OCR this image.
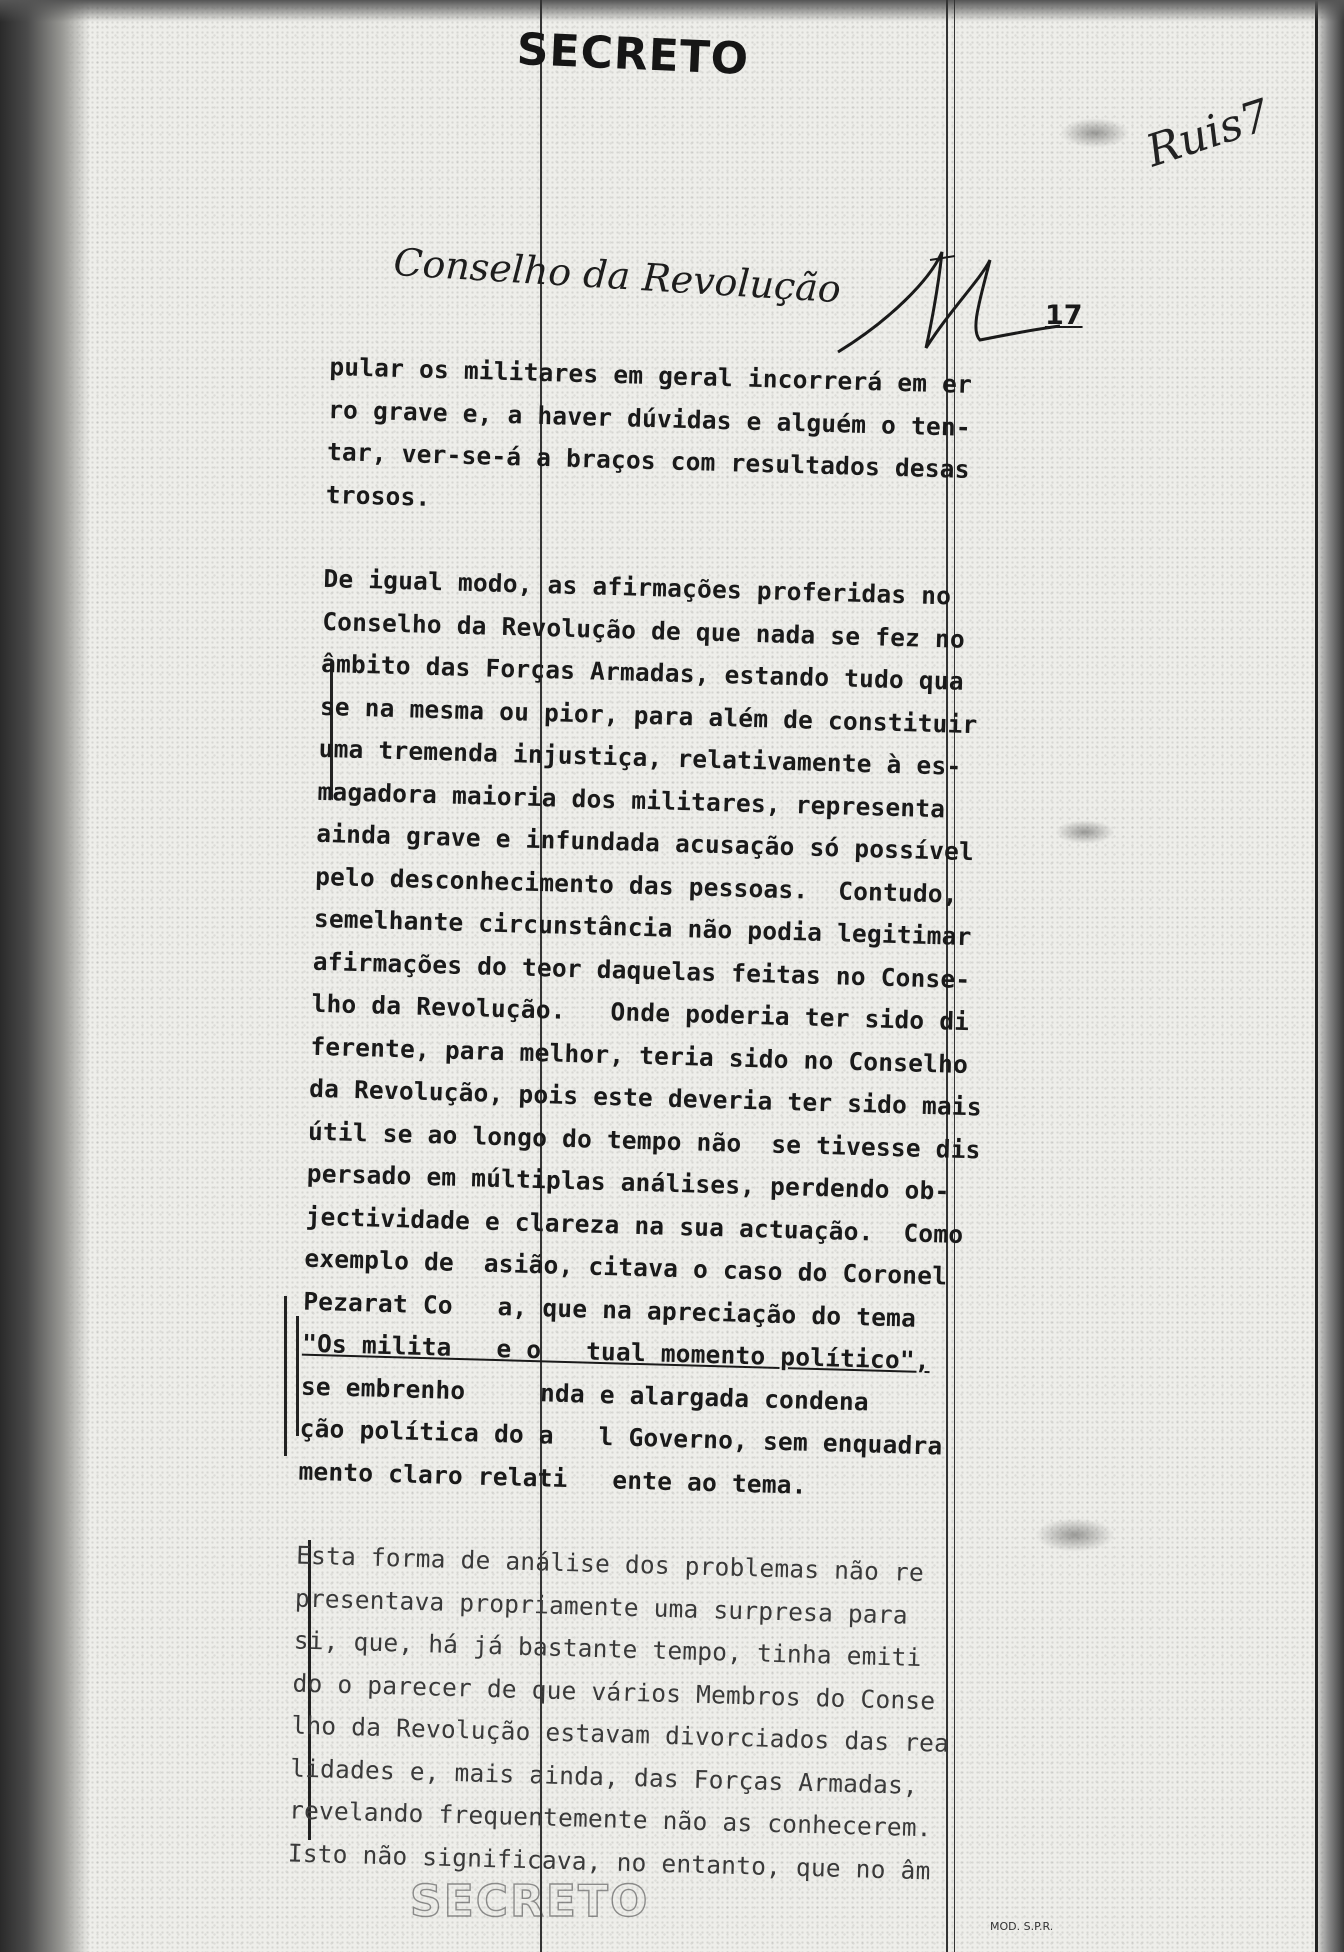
SECRETO
Ruis7
Conselho da Revolução
17
pular os militares em geral incorrerá em er
ro grave e, a haver dúvidas e alguém o ten-
tar, ver-se-á a braços com resultados desas
trosos.
De igual modo, as afirmações proferidas no
Conselho da Revolução de que nada se fez no
âmbito das Forças Armadas, estando tudo qua
se na mesma ou pior, para além de constituir
uma tremenda injustiça, relativamente à es-
magadora maioria dos militares, representa
ainda grave e infundada acusação só possível
pelo desconhecimento das pessoas.  Contudo,
semelhante circunstância não podia legitimar
afirmações do teor daquelas feitas no Conse-
lho da Revolução.   Onde poderia ter sido di
ferente, para melhor, teria sido no Conselho
da Revolução, pois este deveria ter sido mais
útil se ao longo do tempo não  se tivesse dis
persado em múltiplas análises, perdendo ob-
jectividade e clareza na sua actuação.  Como
exemplo de  asião, citava o caso do Coronel
Pezarat Co   a, que na apreciação do tema
"Os milita   e o   tual momento político",
se embrenho     nda e alargada condena
ção política do a   l Governo, sem enquadra
mento claro relati   ente ao tema.
Esta forma de análise dos problemas não re
presentava propriamente uma surpresa para
si, que, há já bastante tempo, tinha emiti
do o parecer de que vários Membros do Conse
lho da Revolução estavam divorciados das rea
lidades e, mais ainda, das Forças Armadas,
revelando frequentemente não as conhecerem.
Isto não significava, no entanto, que no âm
SECRETO	MOD. S.P.R.
